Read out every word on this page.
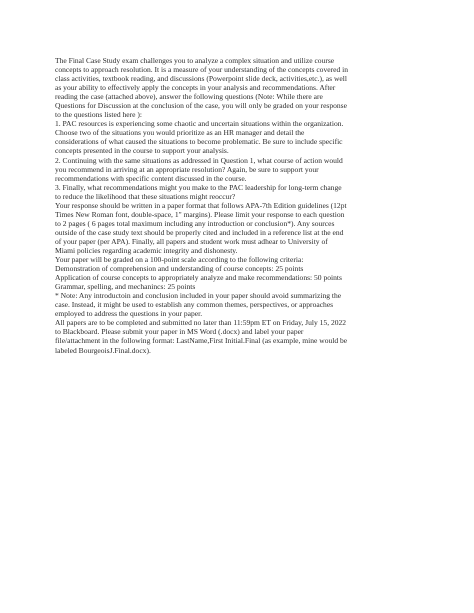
The Final Case Study exam challenges you to analyze a complex situation and utilize course
concepts to approach resolution. It is a measure of your understanding of the concepts covered in
class activities, textbook reading, and discussions (Powerpoint slide deck, activities,etc.), as well
as your ability to effectively apply the concepts in your analysis and recommendations. After
reading the case (attached above), answer the following questions (Note: While there are
Questions for Discussion at the conclusion of the case, you will only be graded on your response
to the questions listed here ):
1. PAC resources is experiencing some chaotic and uncertain situations within the organization.
Choose two of the situations you would prioritize as an HR manager and detail the
considerations of what caused the situations to become problematic. Be sure to include specific
concepts presented in the course to support your analysis.
2. Continuing with the same situations as addressed in Question 1, what course of action would
you recommend in arriving at an appropriate resolution? Again, be sure to support your
recommendations with specific content discussed in the course.
3. Finally, what recommendations might you make to the PAC leadership for long-term change
to reduce the likelihood that these situations might reoccur?
Your response should be written in a paper format that follows APA-7th Edition guidelines (12pt
Times New Roman font, double-space, 1" margins). Please limit your response to each question
to 2 pages ( 6 pages total maximum including any introduction or conclusion*). Any sources
outside of the case study text should be properly cited and included in a reference list at the end
of your paper (per APA). Finally, all papers and student work must adhear to University of
Miami policies regarding academic integrity and dishonesty.
Your paper will be graded on a 100-point scale according to the following criteria:
Demonstration of comprehension and understanding of course concepts: 25 points
Application of course concepts to appropriately analyze and make recommendations: 50 points
Grammar, spelling, and mechanincs: 25 points
* Note: Any introductoin and conclusion included in your paper should avoid summarizing the
case. Instead, it might be used to establish any common themes, perspectives, or approaches
employed to address the questions in your paper.
All papers are to be completed and submitted no later than 11:59pm ET on Friday, July 15, 2022
to Blackboard. Please submit your paper in MS Word (.docx) and label your paper
file/attachment in the following format: LastName,First Initial.Final (as example, mine would be
labeled BourgeoisJ.Final.docx).
